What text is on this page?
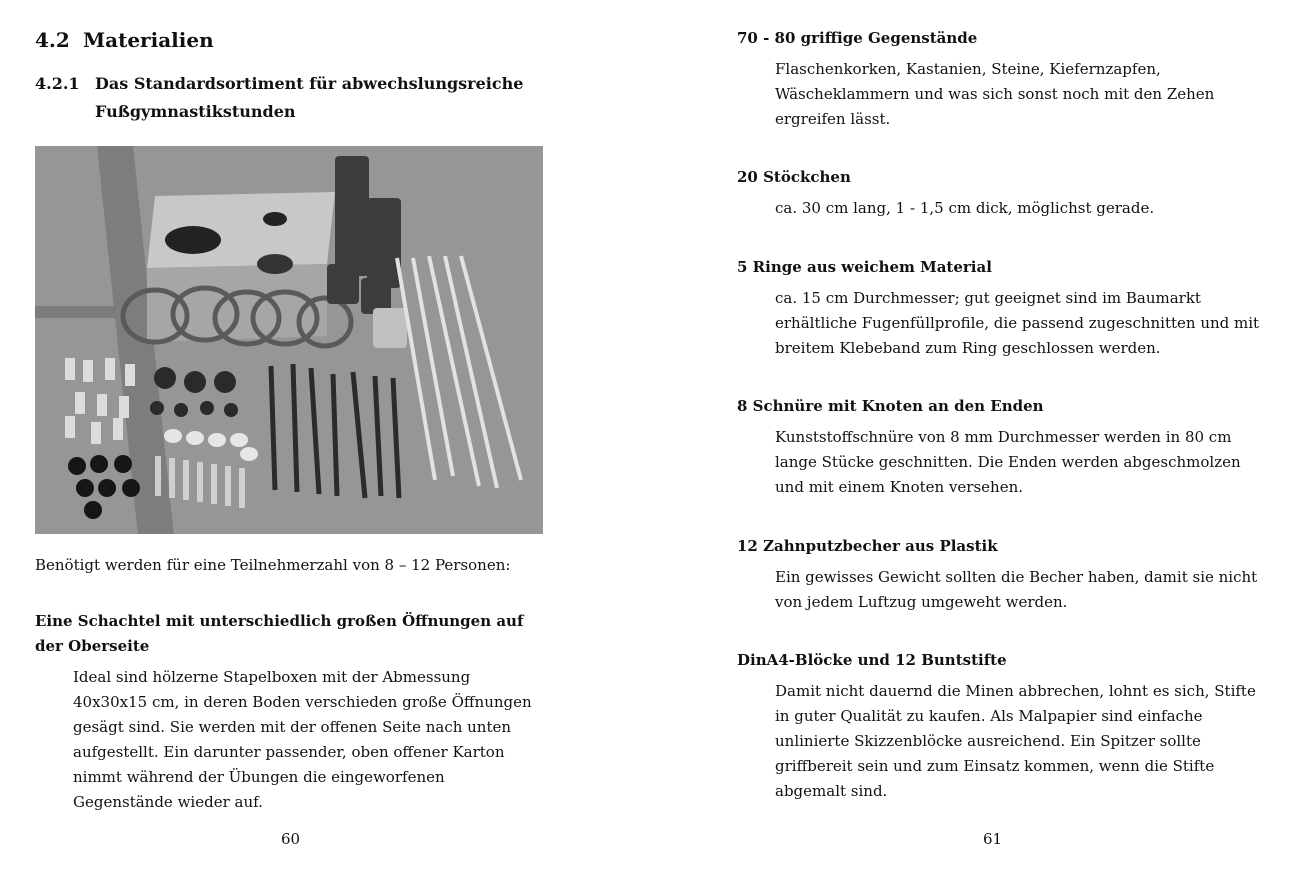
4.2 Materialien
4.2.1 Das Standardsortiment für abwechslungsreiche Fußgymnastikstunden

Benötigt werden für eine Teilnehmerzahl von 8 – 12 Personen:

Eine Schachtel mit unterschiedlich großen Öffnungen auf der Oberseite

Ideal sind hölzerne Stapelboxen mit der Abmessung 40x30x15 cm, in deren Boden verschieden große Öffnungen gesägt sind. Sie werden mit der offenen Seite nach unten aufgestellt. Ein darunter passender, oben offener Karton nimmt während der Übungen die eingeworfenen Gegenstände wieder auf.

60

70 - 80 griffige Gegenstände

Flaschenkorken, Kastanien, Steine, Kiefernzapfen, Wäscheklammern und was sich sonst noch mit den Zehen ergreifen lässt.

20 Stöckchen

ca. 30 cm lang, 1 - 1,5 cm dick, möglichst gerade.

5 Ringe aus weichem Material

ca. 15 cm Durchmesser; gut geeignet sind im Baumarkt erhältliche Fugenfüllprofile, die passend zugeschnitten und mit breitem Klebeband zum Ring geschlossen werden.

8 Schnüre mit Knoten an den Enden

Kunststoffschnüre von 8 mm Durchmesser werden in 80 cm lange Stücke geschnitten. Die Enden werden abgeschmolzen und mit einem Knoten versehen.

12 Zahnputzbecher aus Plastik

Ein gewisses Gewicht sollten die Becher haben, damit sie nicht von jedem Luftzug umgeweht werden.

DinA4-Blöcke und 12 Buntstifte

Damit nicht dauernd die Minen abbrechen, lohnt es sich, Stifte in guter Qualität zu kaufen. Als Malpapier sind einfache unlinierte Skizzenblöcke ausreichend. Ein Spitzer sollte griffbereit sein und zum Einsatz kommen, wenn die Stifte abgemalt sind.

61
